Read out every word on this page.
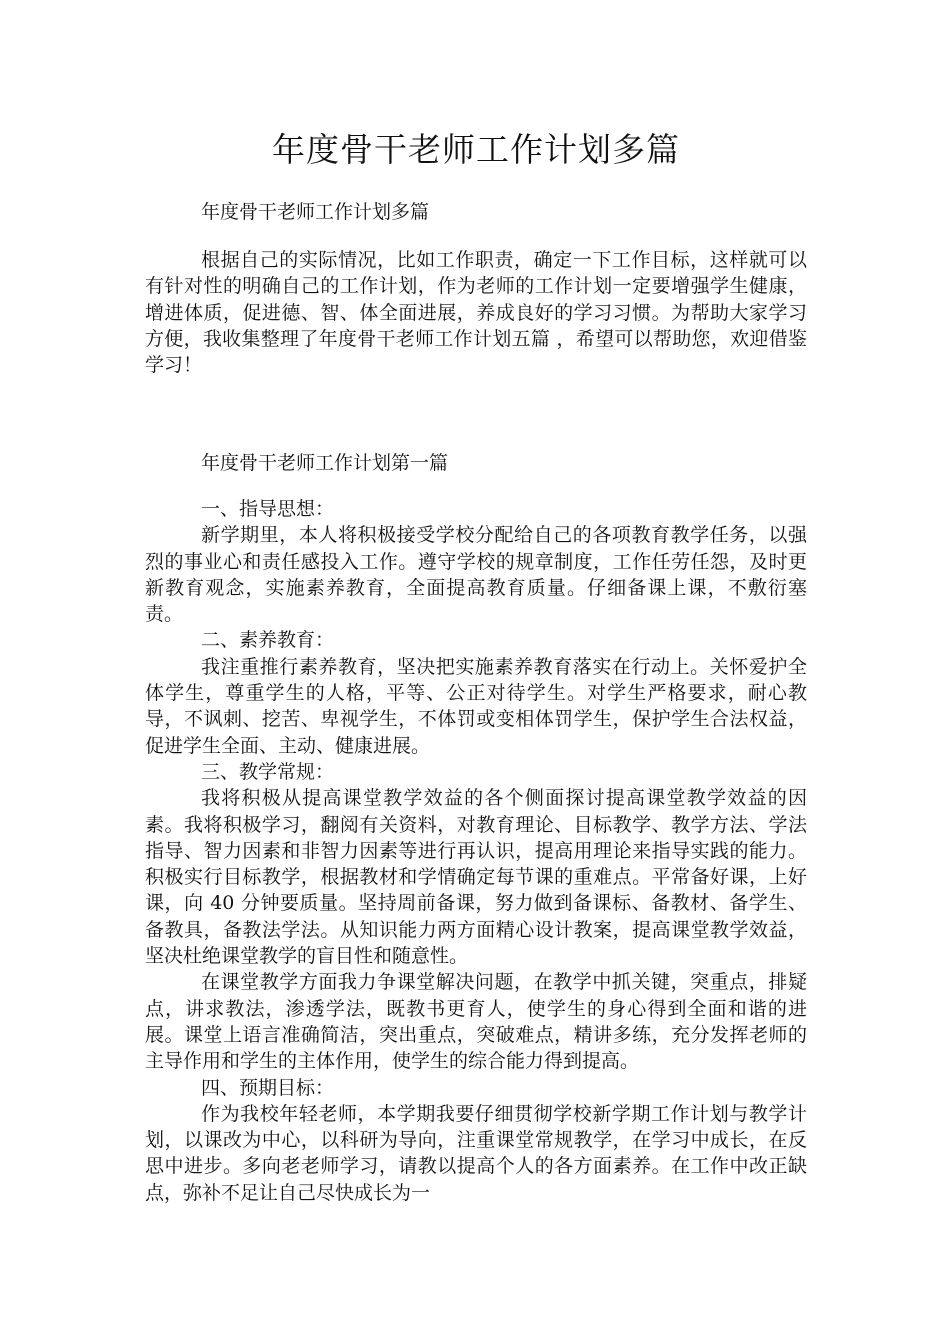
年度骨干老师工作计划多篇
年度骨干老师工作计划多篇

根据自己的实际情况，比如工作职责，确定一下工作目标，这样就可以有针对性的明确自己的工作计划，作为老师的工作计划一定要增强学生健康，增进体质，促进德、智、体全面进展，养成良好的学习习惯。为帮助大家学习方便，我收集整理了年度骨干老师工作计划五篇 ，希望可以帮助您，欢迎借鉴学习！

年度骨干老师工作计划第一篇

一、指导思想：

新学期里，本人将积极接受学校分配给自己的各项教育教学任务，以强烈的事业心和责任感投入工作。遵守学校的规章制度，工作任劳任怨，及时更新教育观念，实施素养教育，全面提高教育质量。仔细备课上课，不敷衍塞责。

二、素养教育：

我注重推行素养教育，坚决把实施素养教育落实在行动上。关怀爱护全体学生，尊重学生的人格，平等、公正对待学生。对学生严格要求，耐心教导，不讽刺、挖苦、卑视学生，不体罚或变相体罚学生，保护学生合法权益，促进学生全面、主动、健康进展。

三、教学常规：

我将积极从提高课堂教学效益的各个侧面探讨提高课堂教学效益的因素。我将积极学习，翻阅有关资料，对教育理论、目标教学、教学方法、学法指导、智力因素和非智力因素等进行再认识，提高用理论来指导实践的能力。积极实行目标教学，根据教材和学情确定每节课的重难点。平常备好课，上好课，向 40 分钟要质量。坚持周前备课，努力做到备课标、备教材、备学生、备教具，备教法学法。从知识能力两方面精心设计教案，提高课堂教学效益，坚决杜绝课堂教学的盲目性和随意性。

在课堂教学方面我力争课堂解决问题，在教学中抓关键，突重点，排疑点，讲求教法，渗透学法，既教书更育人，使学生的身心得到全面和谐的进展。课堂上语言准确简洁，突出重点，突破难点，精讲多练，充分发挥老师的主导作用和学生的主体作用，使学生的综合能力得到提高。

四、预期目标：

作为我校年轻老师，本学期我要仔细贯彻学校新学期工作计划与教学计划，以课改为中心，以科研为导向，注重课堂常规教学，在学习中成长，在反思中进步。多向老老师学习，请教以提高个人的各方面素养。在工作中改正缺点，弥补不足让自己尽快成长为一
